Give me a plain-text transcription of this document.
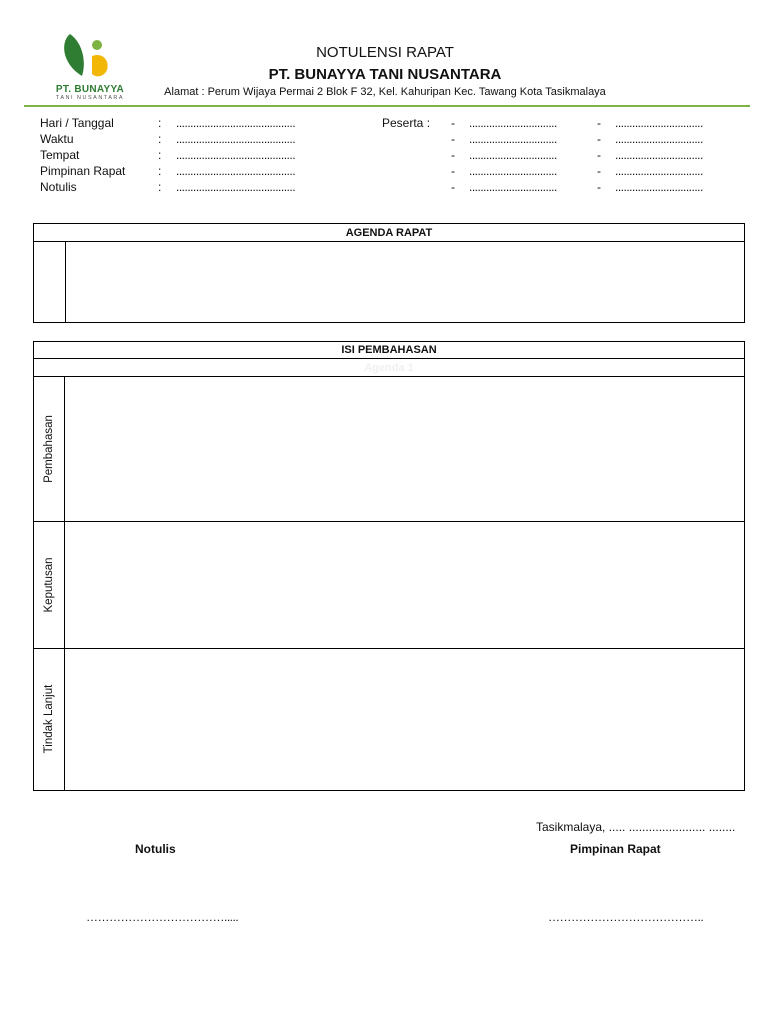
PT. BUNAYYA
TANI NUSANTARA
NOTULENSI RAPAT
PT. BUNAYYA TANI NUSANTARA
Alamat : Perum Wijaya Permai 2 Blok F 32, Kel. Kahuripan Kec. Tawang Kota Tasikmalaya
Hari / Tanggal	: ..........................................
Waktu	: ..........................................
Tempat	: ..........................................
Pimpinan Rapat	: ..........................................
Notulis	: ..........................................
Peserta : - ...............................	- ...............................
- ...............................	- ...............................
- ...............................	- ...............................
- ...............................	- ...............................
- ...............................	- ...............................
AGENDA RAPAT
ISI PEMBAHASAN
Agenda 1
Pembahasan
Keputusan
Tindak Lanjut
Tasikmalaya, ..... ....................... ........
Notulis	Pimpinan Rapat
……………………………….....	…………………………………..
